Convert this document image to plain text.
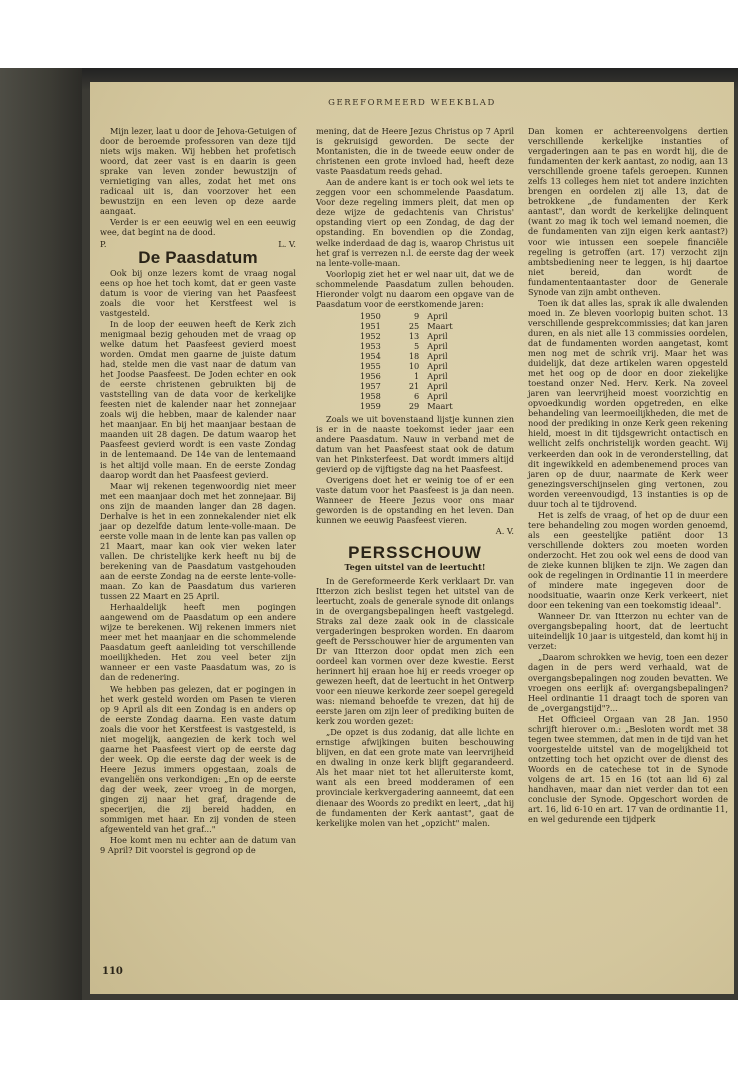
GEREFORMEERD WEEKBLAD

Mijn lezer, laat u door de Jehova-Getuigen of door de beroemde professoren van deze tijd niets wijs maken. Wij hebben het profetisch woord, dat zeer vast is en daarin is geen sprake van leven zonder bewustzijn of vernietiging van alles, zodat het met ons radicaal uit is, dan voorzover het een bewustzijn en een leven op deze aarde aangaat.

Verder is er een eeuwig wel en een eeuwig wee, dat begint na de dood.

P.	L. V.
De Paasdatum

Ook bij onze lezers komt de vraag nogal eens op hoe het toch komt, dat er geen vaste datum is voor de viering van het Paasfeest zoals die voor het Kerstfeest wel is vastgesteld.

In de loop der eeuwen heeft de Kerk zich menigmaal bezig gehouden met de vraag op welke datum het Paasfeest gevierd moest worden. Omdat men gaarne de juiste datum had, stelde men die vast naar de datum van het Joodse Paasfeest. De Joden echter en ook de eerste christenen gebruikten bij de vaststelling van de data voor de kerkelijke feesten niet de kalender naar het zonnejaar zoals wij die hebben, maar de kalender naar het maanjaar. En bij het maanjaar bestaan de maanden uit 28 dagen. De datum waarop het Paasfeest gevierd wordt is een vaste Zondag in de lentemaand. De 14e van de lentemaand is het altijd volle maan. En de eerste Zondag daarop wordt dan het Paasfeest gevierd.

Maar wij rekenen tegenwoordig niet meer met een maanjaar doch met het zonnejaar. Bij ons zijn de maanden langer dan 28 dagen. Derhalve is het in een zonnekalender niet elk jaar op dezelfde datum lente-volle-maan. De eerste volle maan in de lente kan pas vallen op 21 Maart, maar kan ook vier weken later vallen. De christelijke kerk heeft nu bij de berekening van de Paasdatum vastgehouden aan de eerste Zondag na de eerste lente-volle-maan. Zo kan de Paasdatum dus varieren tussen 22 Maart en 25 April.

Herhaaldelijk heeft men pogingen aangewend om de Paasdatum op een andere wijze te berekenen. Wij rekenen immers niet meer met het maanjaar en die schommelende Paasdatum geeft aanleiding tot verschillende moeilijkheden. Het zou veel beter zijn wanneer er een vaste Paasdatum was, zo is dan de redenering.

We hebben pas gelezen, dat er pogingen in het werk gesteld worden om Pasen te vieren op 9 April als dit een Zondag is en anders op de eerste Zondag daarna. Een vaste datum zoals die voor het Kerstfeest is vastgesteld, is niet mogelijk, aangezien de kerk toch wel gaarne het Paasfeest viert op de eerste dag der week. Op die eerste dag der week is de Heere Jezus immers opgestaan, zoals de evangeliën ons verkondigen: „En op de eerste dag der week, zeer vroeg in de morgen, gingen zij naar het graf, dragende de specerijen, die zij bereid hadden, en sommigen met haar. En zij vonden de steen afgewenteld van het graf..."

Hoe komt men nu echter aan de datum van 9 April? Dit voorstel is gegrond op de

mening, dat de Heere Jezus Christus op 7 April is gekruisigd geworden. De secte der Montanisten, die in de tweede eeuw onder de christenen een grote invloed had, heeft deze vaste Paasdatum reeds gehad.

Aan de andere kant is er toch ook wel iets te zeggen voor een schommelende Paasdatum. Voor deze regeling immers pleit, dat men op deze wijze de gedachtenis van Christus' opstanding viert op een Zondag, de dag der opstanding. En bovendien op die Zondag, welke inderdaad de dag is, waarop Christus uit het graf is verrezen n.l. de eerste dag der week na lente-volle-maan.

Voorlopig ziet het er wel naar uit, dat we de schommelende Paasdatum zullen behouden. Hieronder volgt nu daarom een opgave van de Paasdatum voor de eerstkomende jaren:

1950	9	April
1951	25	Maart
1952	13	April
1953	5	April
1954	18	April
1955	10	April
1956	1	April
1957	21	April
1958	6	April
1959	29	Maart

Zoals we uit bovenstaand lijstje kunnen zien is er in de naaste toekomst ieder jaar een andere Paasdatum. Nauw in verband met de datum van het Paasfeest staat ook de datum van het Pinksterfeest. Dat wordt immers altijd gevierd op de vijftigste dag na het Paasfeest.

Overigens doet het er weinig toe of er een vaste datum voor het Paasfeest is ja dan neen. Wanneer de Heere Jezus voor ons maar geworden is de opstanding en het leven. Dan kunnen we eeuwig Paasfeest vieren.

A. V.
PERSSCHOUW
Tegen uitstel van de leertucht!

In de Gereformeerde Kerk verklaart Dr. van Itterzon zich beslist tegen het uitstel van de leertucht, zoals de generale synode dit onlangs in de overgangsbepalingen heeft vastgelegd. Straks zal deze zaak ook in de classicale vergaderingen besproken worden. En daarom geeft de Persschouwer hier de argumenten van Dr van Itterzon door opdat men zich een oordeel kan vormen over deze kwestie. Eerst herinnert hij eraan hoe hij er reeds vroeger op gewezen heeft, dat de leertucht in het Ontwerp voor een nieuwe kerkorde zeer soepel geregeld was: niemand behoefde te vrezen, dat hij de eerste jaren om zijn leer of prediking buiten de kerk zou worden gezet:

„De opzet is dus zodanig, dat alle lichte en ernstige afwijkingen buiten beschouwing blijven, en dat een grote mate van leervrijheid en dwaling in onze kerk blijft gegarandeerd. Als het maar niet tot het alleruiterste komt, want als een breed modderamen of een provinciale kerkvergadering aanneemt, dat een dienaar des Woords zo predikt en leert, „dat hij de fundamenten der Kerk aantast", gaat de kerkelijke molen van het „opzicht" malen.

Dan komen er achtereenvolgens dertien verschillende kerkelijke instanties of vergaderingen aan te pas en wordt hij, die de fundamenten der kerk aantast, zo nodig, aan 13 verschillende groene tafels geroepen. Kunnen zelfs 13 colleges hem niet tot andere inzichten brengen en oordelen zij alle 13, dat de betrokkene „de fundamenten der Kerk aantast", dan wordt de kerkelijke delinquent (want zo mag ik toch wel iemand noemen, die de fundamenten van zijn eigen kerk aantast?) voor wie intussen een soepele financiële regeling is getroffen (art. 17) verzocht zijn ambtsbediening neer te leggen, is hij daartoe niet bereid, dan wordt de fundamententaantaster door de Generale Synode van zijn ambt ontheven.

Toen ik dat alles las, sprak ik alle dwalenden moed in. Ze bleven voorlopig buiten schot. 13 verschillende gesprekcommissies; dat kan jaren duren, en als niet alle 13 commissies oordelen, dat de fundamenten worden aangetast, komt men nog met de schrik vrij. Maar het was duidelijk, dat deze artikelen waren opgesteld met het oog op de door en door ziekelijke toestand onzer Ned. Herv. Kerk. Na zoveel jaren van leervrijheid moest voorzichtig en opvoedkundig worden opgetreden, en elke behandeling van leermoeilijkheden, die met de nood der prediking in onze Kerk geen rekening hield, moest in dit tijdsgewricht ontactisch en wellicht zelfs onchristelijk worden geacht. Wij verkeerden dan ook in de veronderstelling, dat dit ingewikkeld en adembenemend proces van jaren op de duur, naarmate de Kerk weer genezingsverschijnselen ging vertonen, zou worden vereenvoudigd, 13 instanties is op de duur toch al te tijdrovend.

Het is zelfs de vraag, of het op de duur een tere behandeling zou mogen worden genoemd, als een geestelijke patiënt door 13 verschillende dokters zou moeten worden onderzocht. Het zou ook wel eens de dood van de zieke kunnen blijken te zijn. We zagen dan ook de regelingen in Ordinantie 11 in meerdere of mindere mate ingegeven door de noodsituatie, waarin onze Kerk verkeert, niet door een tekening van een toekomstig ideaal".

Wanneer Dr. van Itterzon nu echter van de overgangsbepaling hoort, dat de leertucht uiteindelijk 10 jaar is uitgesteld, dan komt hij in verzet:

„Daarom schrokken we hevig, toen een dezer dagen in de pers werd verhaald, wat de overgangsbepalingen nog zouden bevatten. We vroegen ons eerlijk af: overgangsbepalingen? Heel ordinantie 11 draagt toch de sporen van de „overgangstijd"?...

Het Officieel Orgaan van 28 Jan. 1950 schrijft hierover o.m.: „Besloten wordt met 38 tegen twee stemmen, dat men in de tijd van het voorgestelde uitstel van de mogelijkheid tot ontzetting toch het opzicht over de dienst des Woords en de catechese tot in de Synode volgens de art. 15 en 16 (tot aan lid 6) zal handhaven, maar dan niet verder dan tot een conclusie der Synode. Opgeschort worden de art. 16, lid 6-10 en art. 17 van de ordinantie 11, en wel gedurende een tijdperk

110
